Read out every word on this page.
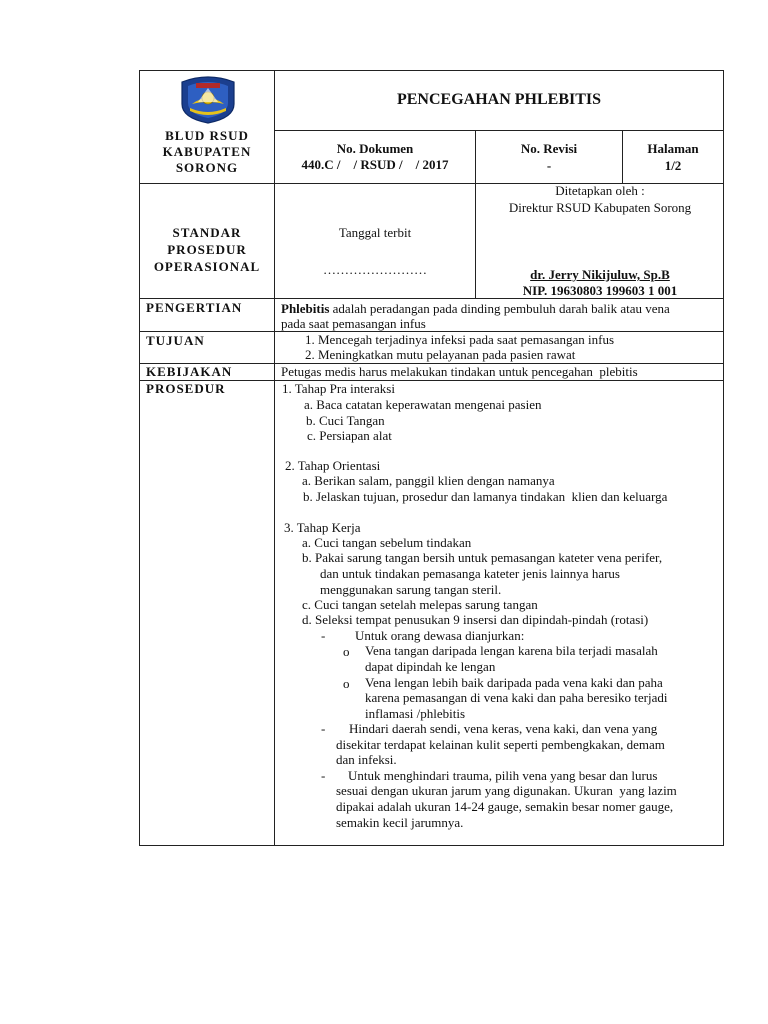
BLUD RSUD
KABUPATEN
SORONG
PENCEGAHAN PHLEBITIS
No. Dokumen
440.C /    / RSUD /    / 2017
No. Revisi
-
Halaman
1/2
STANDAR
PROSEDUR
OPERASIONAL
Tanggal terbit
……………………
Ditetapkan oleh :
Direktur RSUD Kabupaten Sorong
dr. Jerry Nikijuluw, Sp.B
NIP. 19630803 199603 1 001
PENGERTIAN
TUJUAN
KEBIJAKAN
PROSEDUR
Phlebitis adalah peradangan pada dinding pembuluh darah balik atau vena
pada saat pemasangan infus
1. Mencegah terjadinya infeksi pada saat pemasangan infus
2. Meningkatkan mutu pelayanan pada pasien rawat
Petugas medis harus melakukan tindakan untuk pencegahan  plebitis
1. Tahap Pra interaksi
a. Baca catatan keperawatan mengenai pasien
b. Cuci Tangan
c. Persiapan alat
2. Tahap Orientasi
a. Berikan salam, panggil klien dengan namanya
b. Jelaskan tujuan, prosedur dan lamanya tindakan  klien dan keluarga
3. Tahap Kerja
a. Cuci tangan sebelum tindakan
b. Pakai sarung tangan bersih untuk pemasangan kateter vena perifer,
dan untuk tindakan pemasanga kateter jenis lainnya harus
menggunakan sarung tangan steril.
c. Cuci tangan setelah melepas sarung tangan
d. Seleksi tempat penusukan 9 insersi dan dipindah-pindah (rotasi)
- Untuk orang dewasa dianjurkan:
o Vena tangan daripada lengan karena bila terjadi masalah
dapat dipindah ke lengan
o Vena lengan lebih baik daripada pada vena kaki dan paha
karena pemasangan di vena kaki dan paha beresiko terjadi
inflamasi /phlebitis
- Hindari daerah sendi, vena keras, vena kaki, dan vena yang
disekitar terdapat kelainan kulit seperti pembengkakan, demam
dan infeksi.
- Untuk menghindari trauma, pilih vena yang besar dan lurus
sesuai dengan ukuran jarum yang digunakan. Ukuran  yang lazim
dipakai adalah ukuran 14-24 gauge, semakin besar nomer gauge,
semakin kecil jarumnya.
